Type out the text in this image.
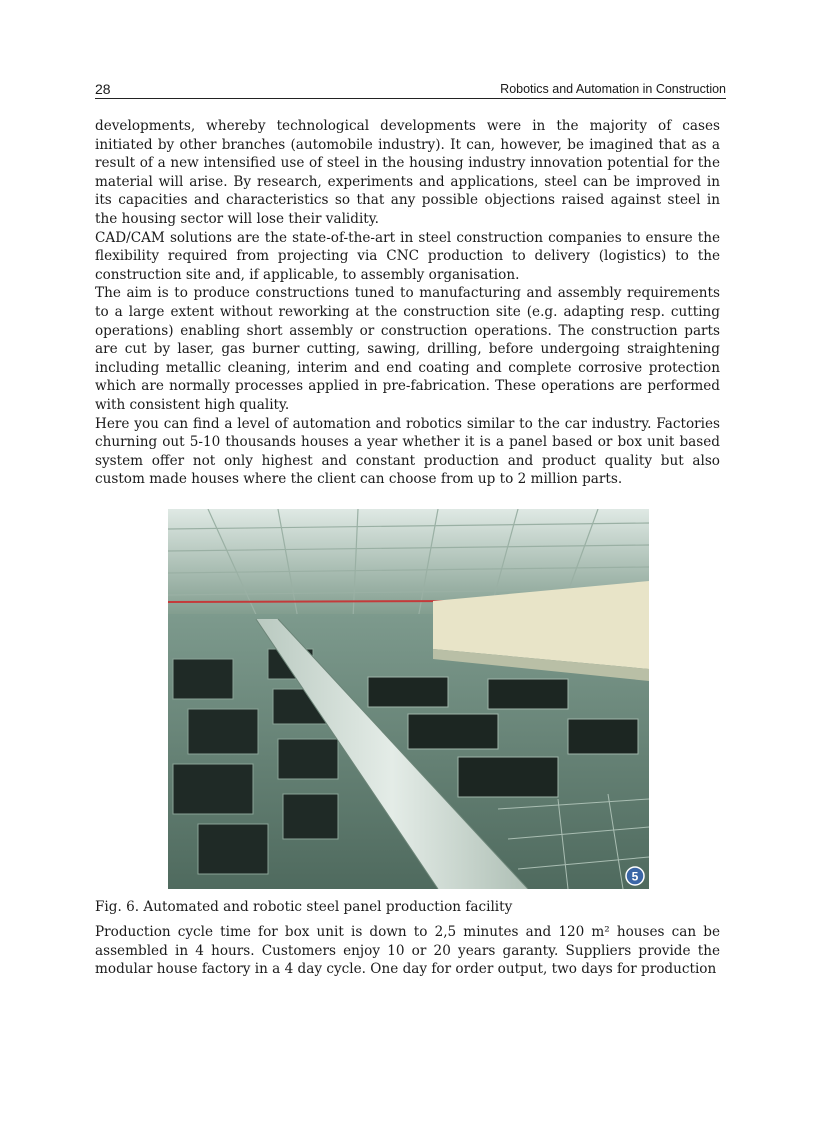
28	Robotics and Automation in Construction

developments, whereby technological developments were in the majority of cases initiated by other branches (automobile industry). It can, however, be imagined that as a result of a new intensified use of steel in the housing industry innovation potential for the material will arise. By research, experiments and applications, steel can be improved in its capacities and characteristics so that any possible objections raised against steel in the housing sector will lose their validity.

CAD/CAM solutions are the state-of-the-art in steel construction companies to ensure the flexibility required from projecting via CNC production to delivery (logistics) to the construction site and, if applicable, to assembly organisation.

The aim is to produce constructions tuned to manufacturing and assembly requirements to a large extent without reworking at the construction site (e.g. adapting resp. cutting operations) enabling short assembly or construction operations. The construction parts are cut by laser, gas burner cutting, sawing, drilling, before undergoing straightening including metallic cleaning, interim and end coating and complete corrosive protection which are normally processes applied in pre-fabrication. These operations are performed with consistent high quality.

Here you can find a level of automation and robotics similar to the car industry. Factories churning out 5-10 thousands houses a year whether it is a panel based or box unit based system offer not only highest and constant production and product quality but also custom made houses where the client can choose from up to 2 million parts.

5
Fig. 6. Automated and robotic steel panel production facility

Production cycle time for box unit is down to 2,5 minutes and 120 m² houses can be assembled in 4 hours. Customers enjoy 10 or 20 years garanty. Suppliers provide the modular house factory in a 4 day cycle. One day for order output, two days for production
